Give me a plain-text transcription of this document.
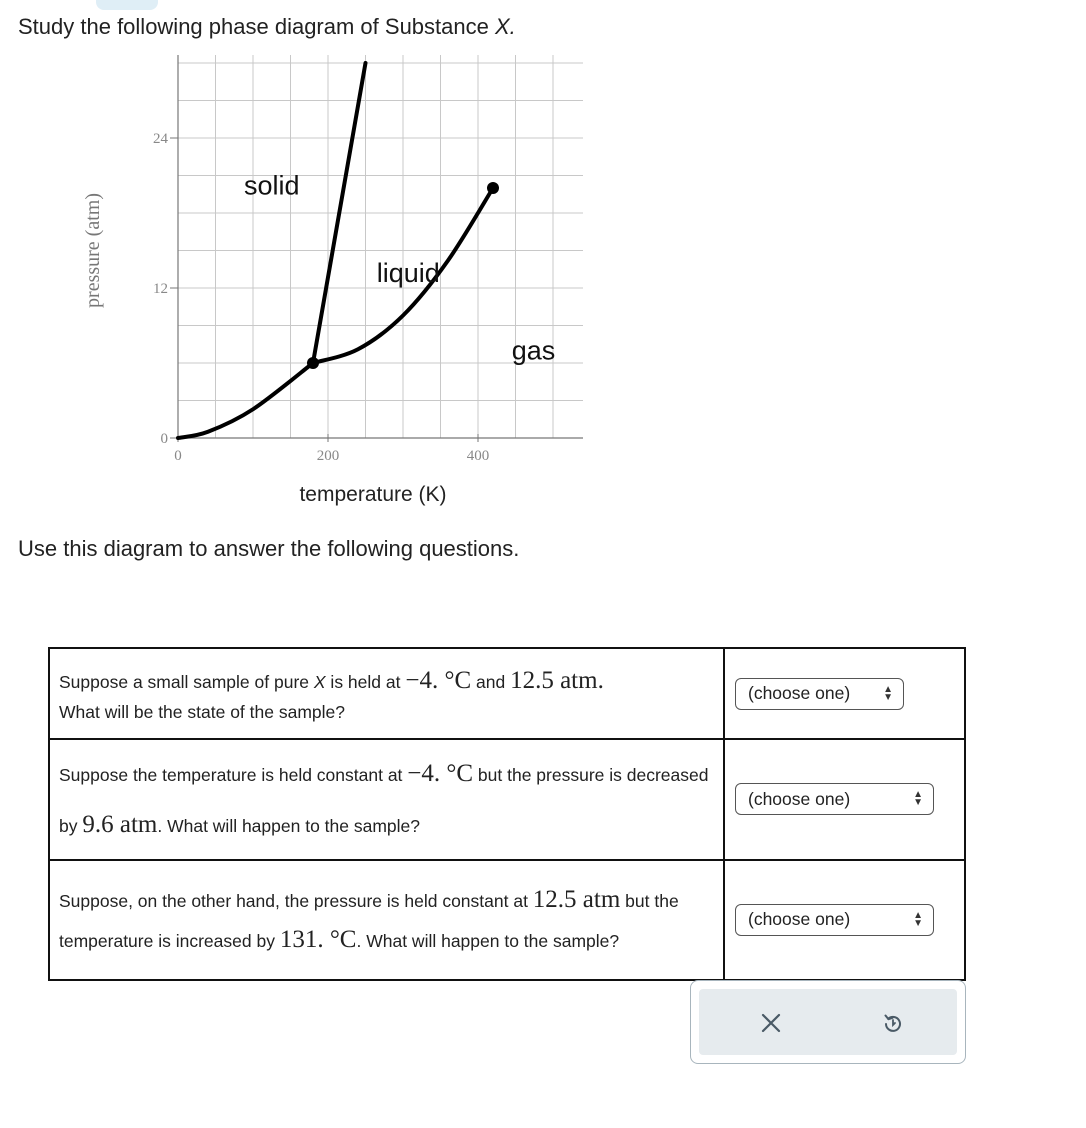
Study the following phase diagram of Substance X.
0	200	400
0
12
24
temperature (K)
pressure (atm)
solid
liquid
gas
Use this diagram to answer the following questions.
Suppose a small sample of pure X is held at −4. °C and 12.5 atm.
What will be the state of the sample?	(choose one) ▲
▼

Suppose the temperature is held constant at −4. °C but the pressure is decreased by 9.6 atm. What will happen to the sample?	(choose one) ▲
▼

Suppose, on the other hand, the pressure is held constant at 12.5 atm but the temperature is increased by 131. °C. What will happen to the sample?	(choose one) ▲
▼
